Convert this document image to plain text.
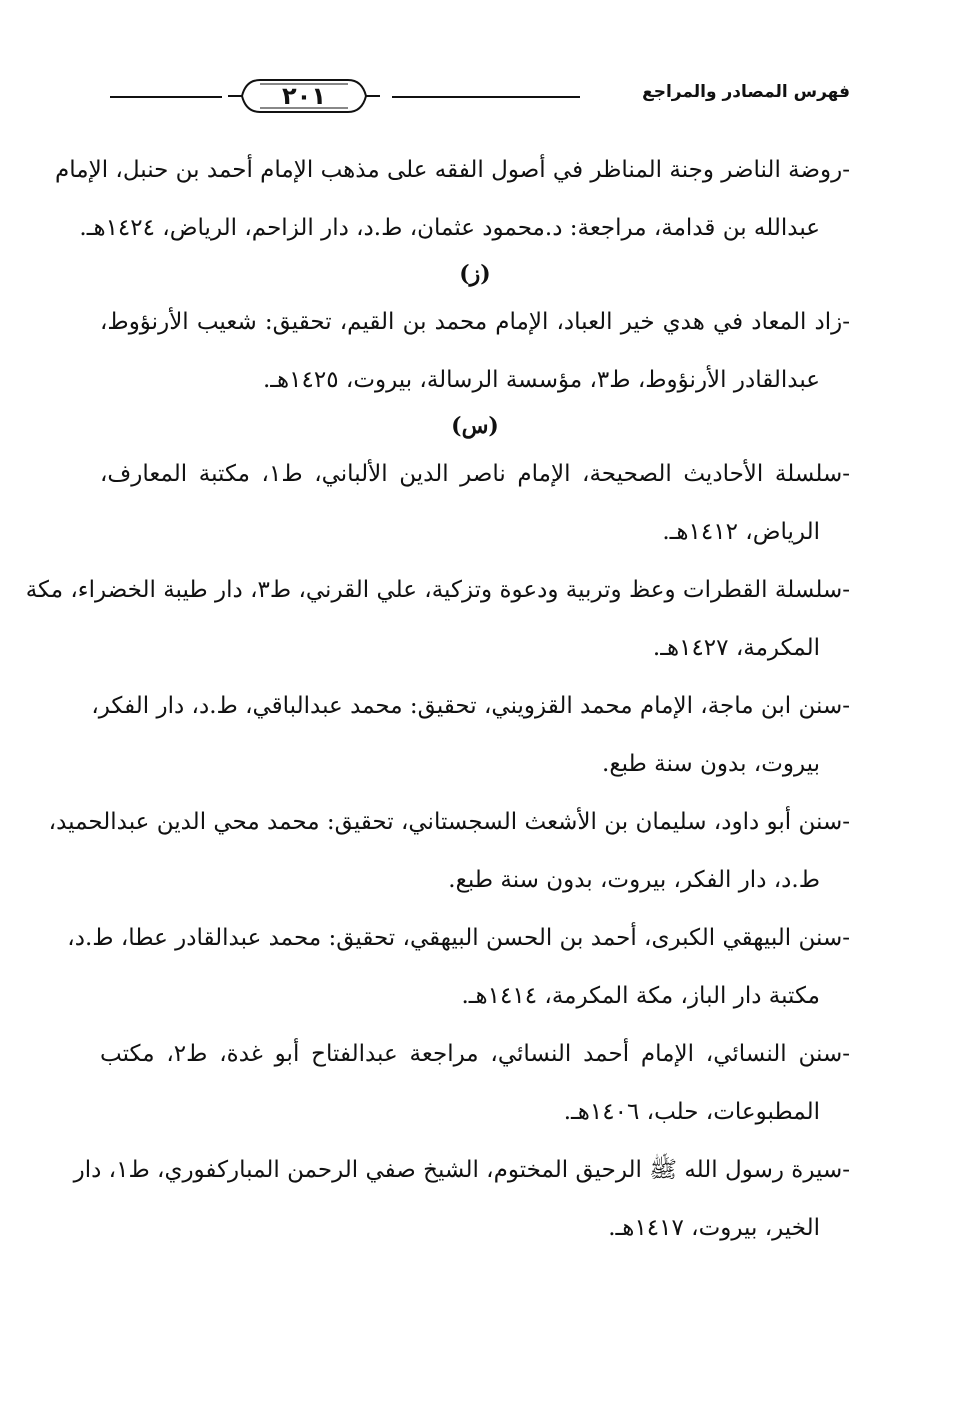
٢٠١	فهرس المصادر والمراجع
-روضة الناضر وجنة المناظر في أصول الفقه على مذهب الإمام أحمد بن حنبل، الإمام
عبدالله بن قدامة، مراجعة: د.محمود عثمان، ط.د، دار الزاحم، الرياض، ١٤٢٤هـ.
(ز)
-زاد المعاد في هدي خير العباد، الإمام محمد بن القيم، تحقيق: شعيب الأرنؤوط،
عبدالقادر الأرنؤوط، ط٣، مؤسسة الرسالة، بيروت، ١٤٢٥هـ.
(س)
-سلسلة الأحاديث الصحيحة، الإمام ناصر الدين الألباني، ط١، مكتبة المعارف،
الرياض، ١٤١٢هـ.
-سلسلة القطرات وعظ وتربية ودعوة وتزكية، علي القرني، ط٣، دار طيبة الخضراء، مكة
المكرمة، ١٤٢٧هـ.
-سنن ابن ماجة، الإمام محمد القزويني، تحقيق: محمد عبدالباقي، ط.د، دار الفكر،
بيروت، بدون سنة طبع.
-سنن أبو داود، سليمان بن الأشعث السجستاني، تحقيق: محمد محي الدين عبدالحميد،
ط.د، دار الفكر، بيروت، بدون سنة طبع.
-سنن البيهقي الكبرى، أحمد بن الحسن البيهقي، تحقيق: محمد عبدالقادر عطا، ط.د،
مكتبة دار الباز، مكة المكرمة، ١٤١٤هـ.
-سنن النسائي، الإمام أحمد النسائي، مراجعة عبدالفتاح أبو غدة، ط٢، مكتب
المطبوعات، حلب، ١٤٠٦هـ.
-سيرة رسول الله ﷺ الرحيق المختوم، الشيخ صفي الرحمن المباركفوري، ط١، دار
الخير، بيروت، ١٤١٧هـ.
